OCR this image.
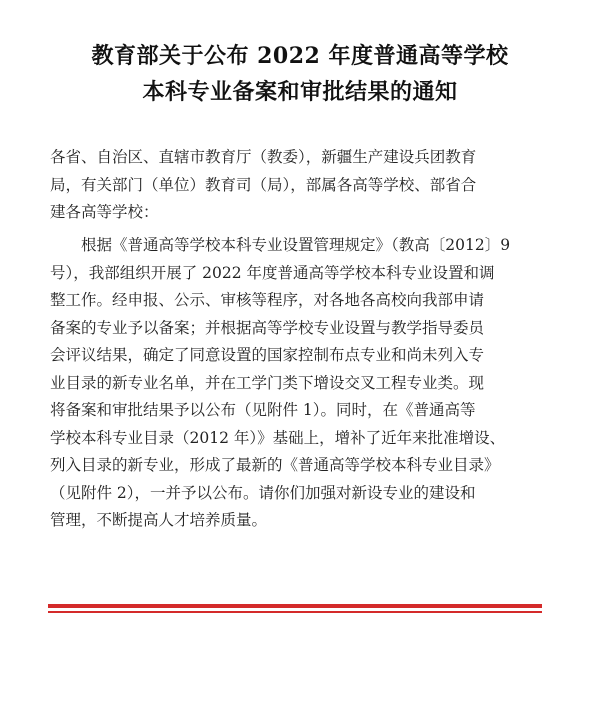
教育部关于公布 2022 年度普通高等学校
本科专业备案和审批结果的通知
各省、自治区、直辖市教育厅（教委），新疆生产建设兵团教育
局，有关部门（单位）教育司（局），部属各高等学校、部省合
建各高等学校：
根据《普通高等学校本科专业设置管理规定》（教高〔2012〕9
号），我部组织开展了 2022 年度普通高等学校本科专业设置和调
整工作。经申报、公示、审核等程序，对各地各高校向我部申请
备案的专业予以备案；并根据高等学校专业设置与教学指导委员
会评议结果，确定了同意设置的国家控制布点专业和尚未列入专
业目录的新专业名单，并在工学门类下增设交叉工程专业类。现
将备案和审批结果予以公布（见附件 1）。同时，在《普通高等
学校本科专业目录（2012 年）》基础上，增补了近年来批准增设、
列入目录的新专业，形成了最新的《普通高等学校本科专业目录》
（见附件 2），一并予以公布。请你们加强对新设专业的建设和
管理，不断提高人才培养质量。
